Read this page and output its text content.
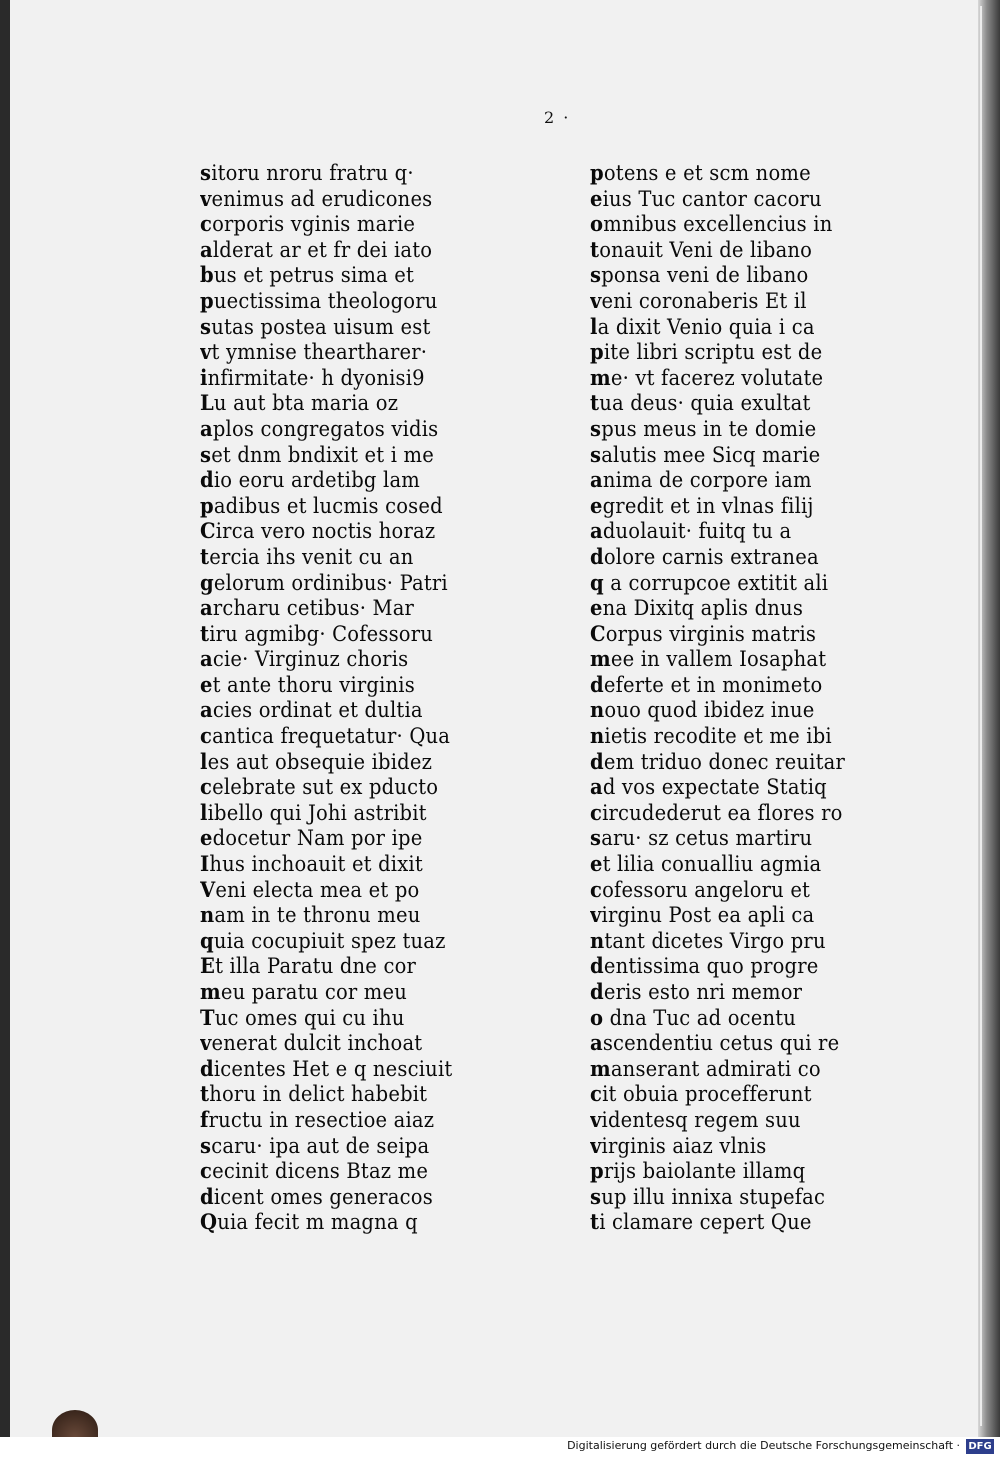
2 ·
sitoru nroru fratru q·
venimus ad erudicones
corporis vginis marie
alderat ar et fr dei iato
bus et petrus sima et
puectissima theologoru
sutas postea uisum est
vt ymnise theartharer·
infirmitate· h dyonisi9
Lu aut bta maria oz
aplos congregatos vidis
set dnm bndixit et i me
dio eoru ardetibg lam
padibus et lucmis cosed
Circa vero noctis horaz
tercia ihs venit cu an
gelorum ordinibus· Patri
archaru cetibus· Mar
tiru agmibg· Cofessoru
acie· Virginuz choris
et ante thoru virginis
acies ordinat et dultia
cantica frequetatur· Qua
les aut obsequie ibidez
celebrate sut ex pducto
libello qui Johi astribit
edocetur Nam por ipe
Ihus inchoauit et dixit
Veni electa mea et po
nam in te thronu meu
quia cocupiuit spez tuaz
Et illa Paratu dne cor
meu paratu cor meu
Tuc omes qui cu ihu
venerat dulcit inchoat
dicentes Het e q nesciuit
thoru in delict habebit
fructu in resectioe aiaz
scaru· ipa aut de seipa
cecinit dicens Btaz me
dicent omes generacos
Quia fecit m magna q
potens e et scm nome
eius Tuc cantor cacoru
omnibus excellencius in
tonauit Veni de libano
sponsa veni de libano
veni coronaberis Et il
la dixit Venio quia i ca
pite libri scriptu est de
me· vt facerez volutate
tua deus· quia exultat
spus meus in te domie
salutis mee Sicq marie
anima de corpore iam
egredit et in vlnas filij
aduolauit· fuitq tu a
dolore carnis extranea
q a corrupcoe extitit ali
ena Dixitq aplis dnus
Corpus virginis matris
mee in vallem Iosaphat
deferte et in monimeto
nouo quod ibidez inue
nietis recodite et me ibi
dem triduo donec reuitar
ad vos expectate Statiq
circudederut ea flores ro
saru· sz cetus martiru
et lilia conualliu agmia
cofessoru angeloru et
virginu Post ea apli ca
ntant dicetes Virgo pru
dentissima quo progre
deris esto nri memor
o dna Tuc ad ocentu
ascendentiu cetus qui re
manserant admirati co
cit obuia procefferunt
videntesq regem suu
virginis aiaz vlnis
prijs baiolante illamq
sup illu innixa stupefac
ti clamare cepert Que
Digitalisierung gefördert durch die Deutsche Forschungsgemeinschaft · DFG
